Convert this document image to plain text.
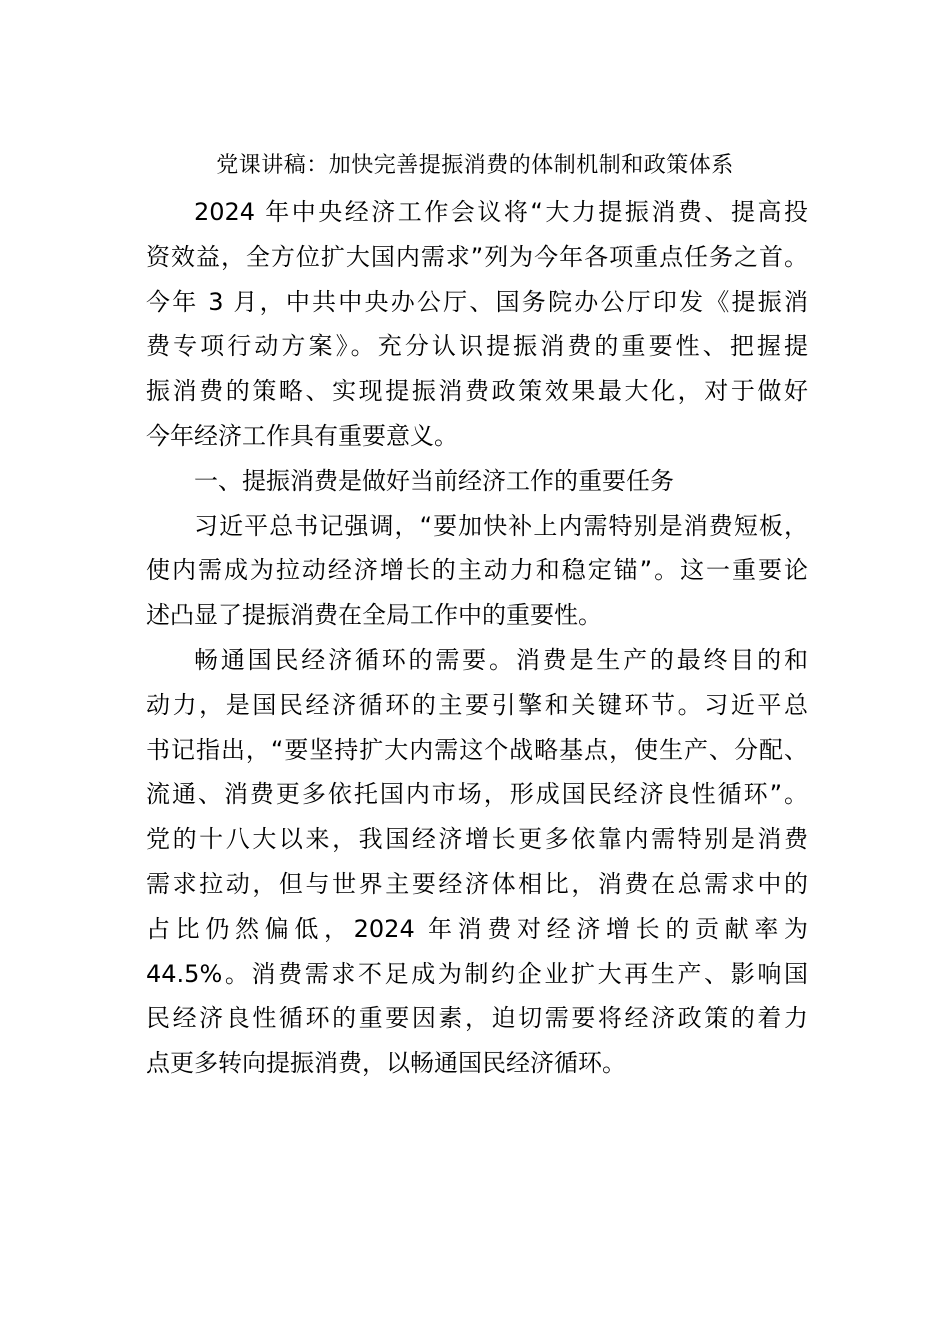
党课讲稿：加快完善提振消费的体制机制和政策体系

2024 年中央经济工作会议将“大力提振消费、提高投
资效益，全方位扩大国内需求”列为今年各项重点任务之首。
今年 3 月，中共中央办公厅、国务院办公厅印发《提振消
费专项行动方案》。充分认识提振消费的重要性、把握提
振消费的策略、实现提振消费政策效果最大化，对于做好
今年经济工作具有重要意义。

一、提振消费是做好当前经济工作的重要任务

习近平总书记强调，“要加快补上内需特别是消费短板，
使内需成为拉动经济增长的主动力和稳定锚”。这一重要论
述凸显了提振消费在全局工作中的重要性。

畅通国民经济循环的需要。消费是生产的最终目的和
动力，是国民经济循环的主要引擎和关键环节。习近平总
书记指出，“要坚持扩大内需这个战略基点，使生产、分配、
流通、消费更多依托国内市场，形成国民经济良性循环”。
党的十八大以来，我国经济增长更多依靠内需特别是消费
需求拉动，但与世界主要经济体相比，消费在总需求中的
占比仍然偏低，2024 年消费对经济增长的贡献率为
44.5%。消费需求不足成为制约企业扩大再生产、影响国
民经济良性循环的重要因素，迫切需要将经济政策的着力
点更多转向提振消费，以畅通国民经济循环。
